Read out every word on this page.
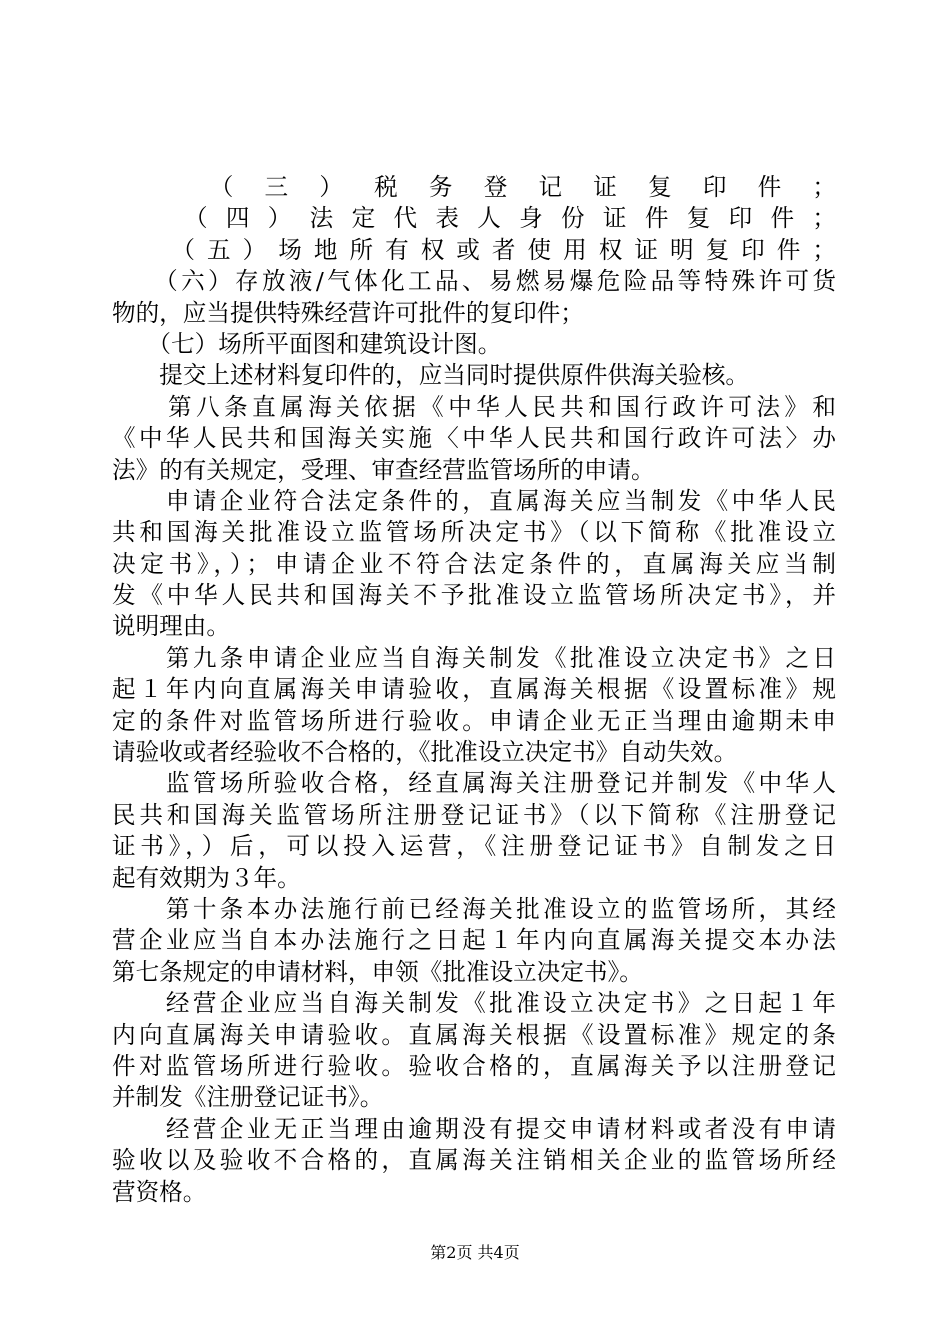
　　（三）税务登记证复印件；
　　（四）法定代表人身份证件复印件；
　　（五）场地所有权或者使用权证明复印件；
　　（六）存放液/气体化工品、易燃易爆危险品等特殊许可货
物的，应当提供特殊经营许可批件的复印件；
　　（七）场所平面图和建筑设计图。
　　提交上述材料复印件的，应当同时提供原件供海关验核。
　　第八条直属海关依据《中华人民共和国行政许可法》和
《中华人民共和国海关实施〈中华人民共和国行政许可法〉办
法》的有关规定，受理、审查经营监管场所的申请。
　　申请企业符合法定条件的，直属海关应当制发《中华人民
共和国海关批准设立监管场所决定书》（以下简称《批准设立
决定书》，）；申请企业不符合法定条件的，直属海关应当制
发《中华人民共和国海关不予批准设立监管场所决定书》，并
说明理由。
　　第九条申请企业应当自海关制发《批准设立决定书》之日
起１年内向直属海关申请验收，直属海关根据《设置标准》规
定的条件对监管场所进行验收。申请企业无正当理由逾期未申
请验收或者经验收不合格的，《批准设立决定书》自动失效。
　　监管场所验收合格，经直属海关注册登记并制发《中华人
民共和国海关监管场所注册登记证书》（以下简称《注册登记
证书》，）后，可以投入运营，《注册登记证书》自制发之日
起有效期为３年。
　　第十条本办法施行前已经海关批准设立的监管场所，其经
营企业应当自本办法施行之日起１年内向直属海关提交本办法
第七条规定的申请材料，申领《批准设立决定书》。
　　经营企业应当自海关制发《批准设立决定书》之日起１年
内向直属海关申请验收。直属海关根据《设置标准》规定的条
件对监管场所进行验收。验收合格的，直属海关予以注册登记
并制发《注册登记证书》。
　　经营企业无正当理由逾期没有提交申请材料或者没有申请
验收以及验收不合格的，直属海关注销相关企业的监管场所经
营资格。
第2页 共4页
